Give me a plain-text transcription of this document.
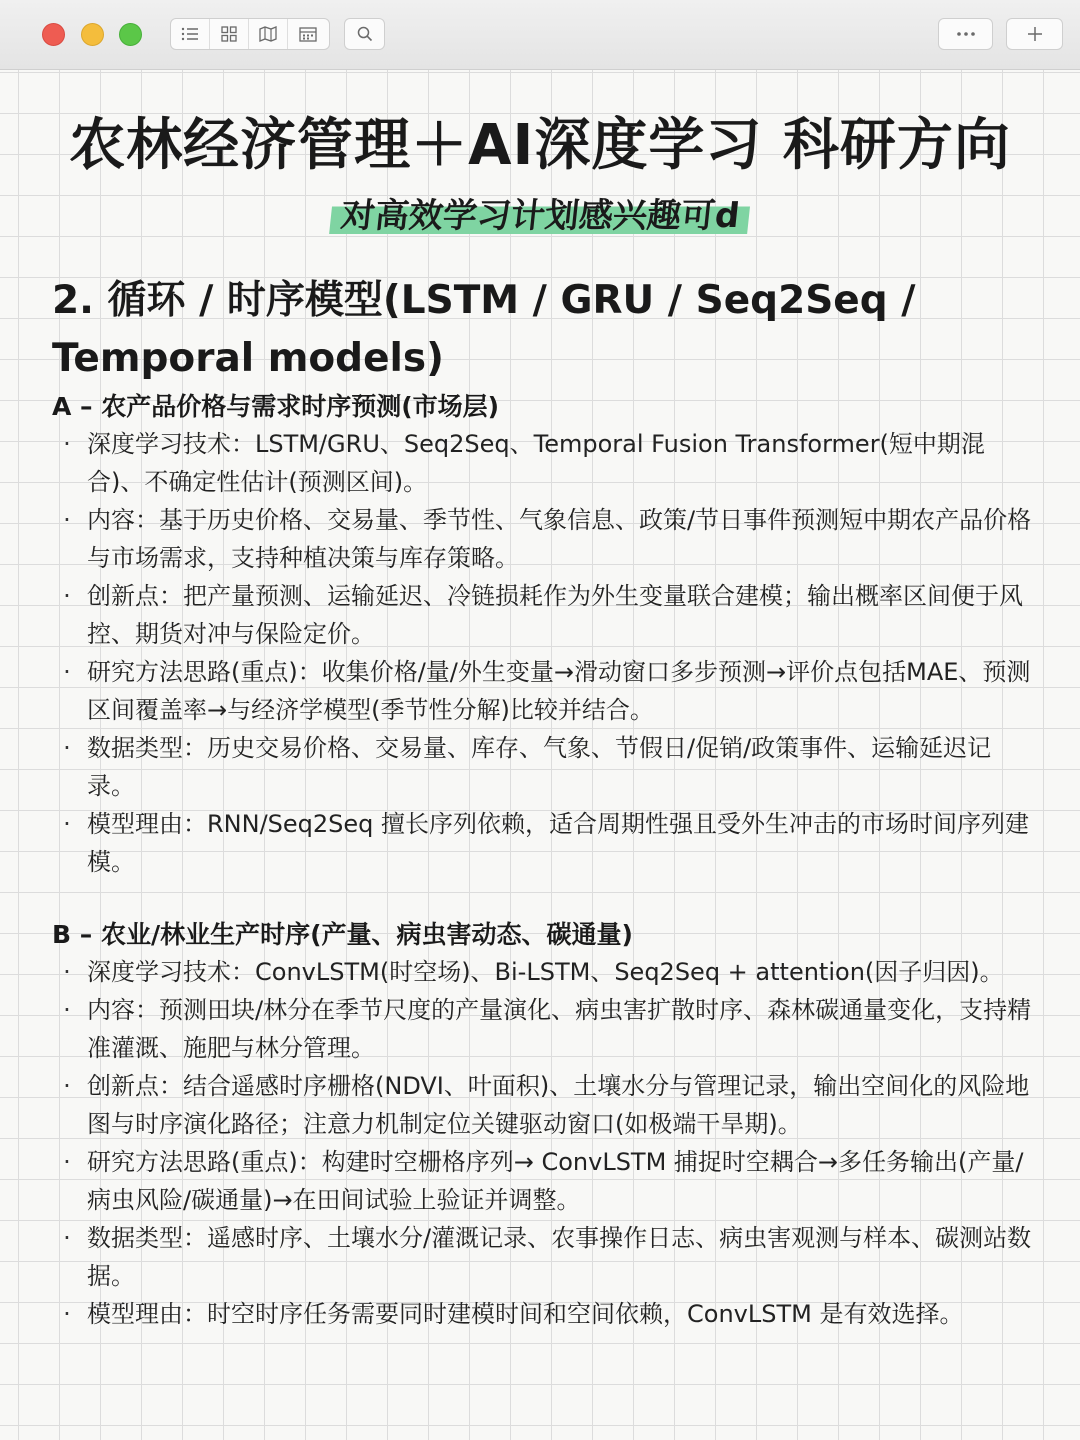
农林经济管理＋AI深度学习 科研方向
对高效学习计划感兴趣可d
2. 循环 / 时序模型(LSTM / GRU / Seq2Seq / Temporal models)
A – 农产品价格与需求时序预测(市场层)
· 深度学习技术：LSTM/GRU、Seq2Seq、Temporal Fusion Transformer(短中期混合)、不确定性估计(预测区间)。
· 内容：基于历史价格、交易量、季节性、气象信息、政策/节日事件预测短中期农产品价格与市场需求，支持种植决策与库存策略。
· 创新点：把产量预测、运输延迟、冷链损耗作为外生变量联合建模；输出概率区间便于风控、期货对冲与保险定价。
· 研究方法思路(重点)：收集价格/量/外生变量→滑动窗口多步预测→评价点包括MAE、预测区间覆盖率→与经济学模型(季节性分解)比较并结合。
· 数据类型：历史交易价格、交易量、库存、气象、节假日/促销/政策事件、运输延迟记录。
· 模型理由：RNN/Seq2Seq 擅长序列依赖，适合周期性强且受外生冲击的市场时间序列建模。
B – 农业/林业生产时序(产量、病虫害动态、碳通量)
· 深度学习技术：ConvLSTM(时空场)、Bi-LSTM、Seq2Seq + attention(因子归因)。
· 内容：预测田块/林分在季节尺度的产量演化、病虫害扩散时序、森林碳通量变化，支持精准灌溉、施肥与林分管理。
· 创新点：结合遥感时序栅格(NDVI、叶面积)、土壤水分与管理记录，输出空间化的风险地图与时序演化路径；注意力机制定位关键驱动窗口(如极端干旱期)。
· 研究方法思路(重点)：构建时空栅格序列→ ConvLSTM 捕捉时空耦合→多任务输出(产量/病虫风险/碳通量)→在田间试验上验证并调整。
· 数据类型：遥感时序、土壤水分/灌溉记录、农事操作日志、病虫害观测与样本、碳测站数据。
· 模型理由：时空时序任务需要同时建模时间和空间依赖，ConvLSTM 是有效选择。
